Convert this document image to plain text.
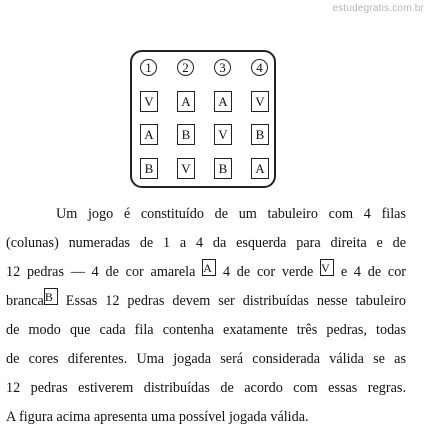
estudegratis.com.br
1	2	3	4
V	A	A	V
A	B	V	B
B	V	B	A
Um jogo é constituído de um tabuleiro com 4 filas
(colunas) numeradas de 1 a 4 da esquerda para direita e de
12 pedras — 4 de cor amarela A 4 de cor verde V e 4 de cor
brancaB Essas 12 pedras devem ser distribuídas nesse tabuleiro
de modo que cada fila contenha exatamente três pedras, todas
de cores diferentes. Uma jogada será considerada válida se as
12 pedras estiverem distribuídas de acordo com essas regras.
A figura acima apresenta uma possível jogada válida.
